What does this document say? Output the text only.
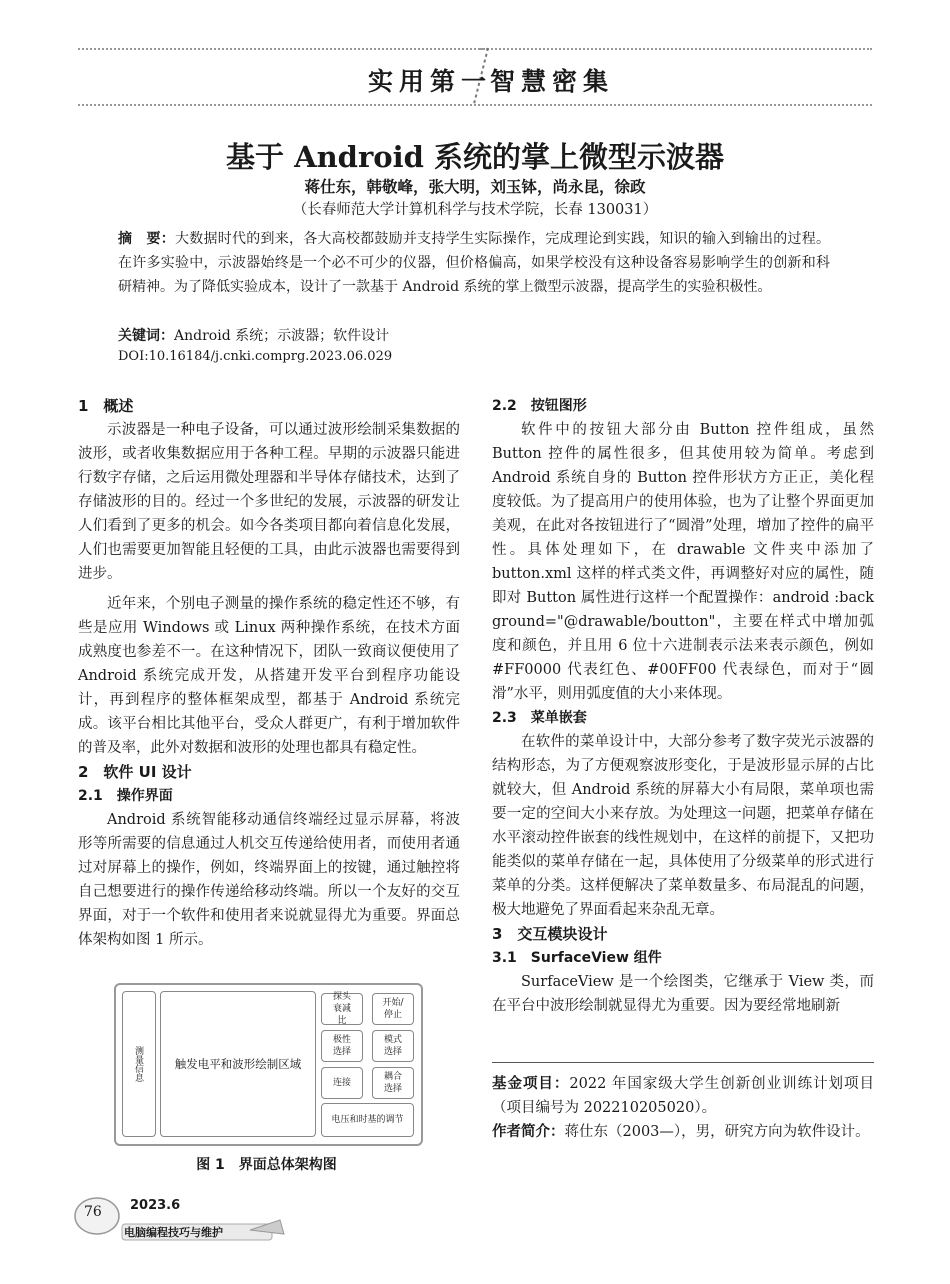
实用第一
智慧密集
基于 Android 系统的掌上微型示波器
蒋仕东，韩敬峰，张大明，刘玉钵，尚永昆，徐政
（长春师范大学计算机科学与技术学院，长春 130031）
摘　要：大数据时代的到来，各大高校都鼓励并支持学生实际操作，完成理论到实践，知识的输入到输出的过程。在许多实验中，示波器始终是一个必不可少的仪器，但价格偏高，如果学校没有这种设备容易影响学生的创新和科研精神。为了降低实验成本，设计了一款基于 Android 系统的掌上微型示波器，提高学生的实验积极性。
关键词：Android 系统；示波器；软件设计
DOI:10.16184/j.cnki.comprg.2023.06.029
1　概述

示波器是一种电子设备，可以通过波形绘制采集数据的波形，或者收集数据应用于各种工程。早期的示波器只能进行数字存储，之后运用微处理器和半导体存储技术，达到了存储波形的目的。经过一个多世纪的发展，示波器的研发让人们看到了更多的机会。如今各类项目都向着信息化发展，人们也需要更加智能且轻便的工具，由此示波器也需要得到进步。

近年来，个别电子测量的操作系统的稳定性还不够，有些是应用 Windows 或 Linux 两种操作系统，在技术方面成熟度也参差不一。在这种情况下，团队一致商议便使用了 Android 系统完成开发，从搭建开发平台到程序功能设计，再到程序的整体框架成型，都基于 Android 系统完成。该平台相比其他平台，受众人群更广，有利于增加软件的普及率，此外对数据和波形的处理也都具有稳定性。

2　软件 UI 设计
2.1　操作界面

Android 系统智能移动通信终端经过显示屏幕，将波形等所需要的信息通过人机交互传递给使用者，而使用者通过对屏幕上的操作，例如，终端界面上的按键，通过触控将自己想要进行的操作传递给移动终端。所以一个友好的交互界面，对于一个软件和使用者来说就显得尤为重要。界面总体架构如图 1 所示。

测量信息	触发电平和波形绘制区域
探头衰减比
开始/停止
极性选择
模式选择
连接
耦合选择
电压和时基的调节
图 1　界面总体架构图
2.2　按钮图形

软件中的按钮大部分由 Button 控件组成，虽然 Button 控件的属性很多，但其使用较为简单。考虑到 Android 系统自身的 Button 控件形状方方正正，美化程度较低。为了提高用户的使用体验，也为了让整个界面更加美观，在此对各按钮进行了“圆滑”处理，增加了控件的扁平性。具体处理如下，在 drawable 文件夹中添加了 button.xml 这样的样式类文件，再调整好对应的属性，随即对 Button 属性进行这样一个配置操作：android :back ground="@drawable/boutton"，主要在样式中增加弧度和颜色，并且用 6 位十六进制表示法来表示颜色，例如 #FF0000 代表红色、#00FF00 代表绿色，而对于“圆滑”水平，则用弧度值的大小来体现。

2.3　菜单嵌套

在软件的菜单设计中，大部分参考了数字荧光示波器的结构形态，为了方便观察波形变化，于是波形显示屏的占比就较大，但 Android 系统的屏幕大小有局限，菜单项也需要一定的空间大小来存放。为处理这一问题，把菜单存储在水平滚动控件嵌套的线性规划中，在这样的前提下，又把功能类似的菜单存储在一起，具体使用了分级菜单的形式进行菜单的分类。这样便解决了菜单数量多、布局混乱的问题，极大地避免了界面看起来杂乱无章。

3　交互模块设计
3.1　SurfaceView 组件

SurfaceView 是一个绘图类，它继承于 View 类，而在平台中波形绘制就显得尤为重要。因为要经常地刷新

基金项目：2022 年国家级大学生创新创业训练计划项目（项目编号为 202210205020）。
作者简介：蒋仕东（2003—），男，研究方向为软件设计。
76 2023.6
电脑编程技巧与维护
